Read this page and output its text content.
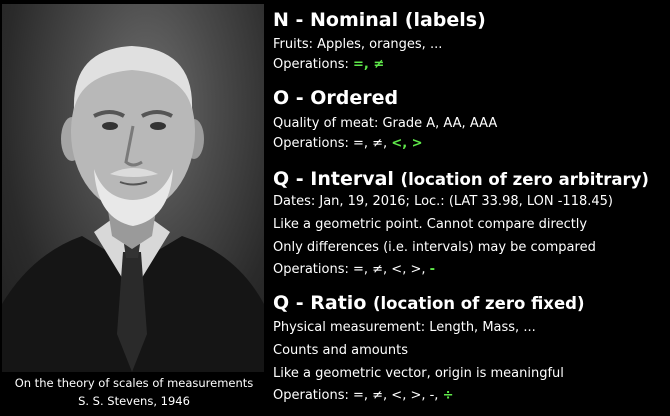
On the theory of scales of measurements
S. S. Stevens, 1946
N - Nominal (labels)
Fruits: Apples, oranges, ...
Operations: =, ≠
O - Ordered
Quality of meat: Grade A, AA, AAA
Operations: =, ≠, <, >
Q - Interval (location of zero arbitrary)
Dates: Jan, 19, 2016; Loc.: (LAT 33.98, LON -118.45)
Like a geometric point. Cannot compare directly
Only differences (i.e. intervals) may be compared
Operations: =, ≠, <, >, -
Q - Ratio (location of zero fixed)
Physical measurement: Length, Mass, ...
Counts and amounts
Like a geometric vector, origin is meaningful
Operations: =, ≠, <, >, -, ÷
